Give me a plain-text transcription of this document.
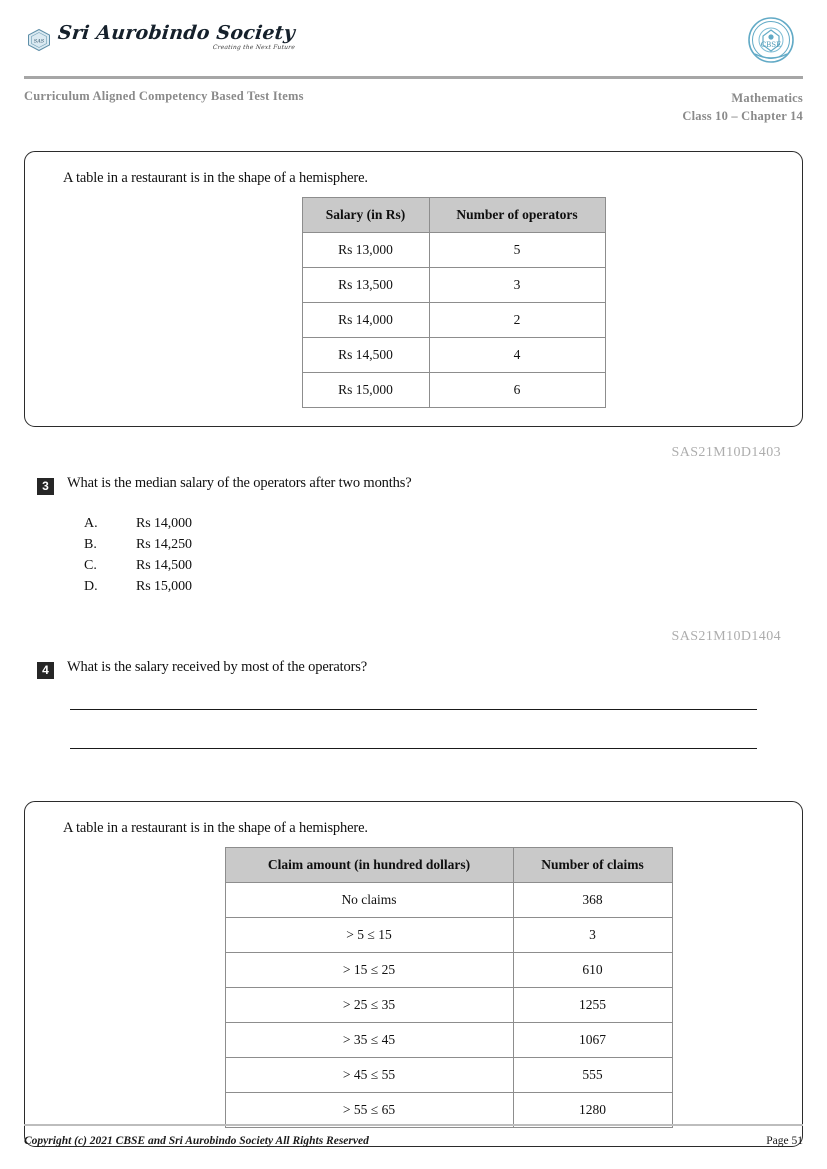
SAS Sri Aurobindo Society
Creating the Next Future	CBSE
Curriculum Aligned Competency Based Test Items	Mathematics
Class 10 – Chapter 14
A table in a restaurant is in the shape of a hemisphere.
Salary (in Rs)	Number of operators
Rs 13,000	5
Rs 13,500	3
Rs 14,000	2
Rs 14,500	4
Rs 15,000	6
SAS21M10D1403
3	What is the median salary of the operators after two months?
A.	Rs 14,000
B.	Rs 14,250
C.	Rs 14,500
D.	Rs 15,000
SAS21M10D1404
4	What is the salary received by most of the operators?
A table in a restaurant is in the shape of a hemisphere.
Claim amount (in hundred dollars)	Number of claims
No claims	368
> 5 ≤ 15	3
> 15 ≤ 25	610
> 25 ≤ 35	1255
> 35 ≤ 45	1067
> 45 ≤ 55	555
> 55 ≤ 65	1280
Copyright (c) 2021 CBSE and Sri Aurobindo Society All Rights Reserved	Page 51
